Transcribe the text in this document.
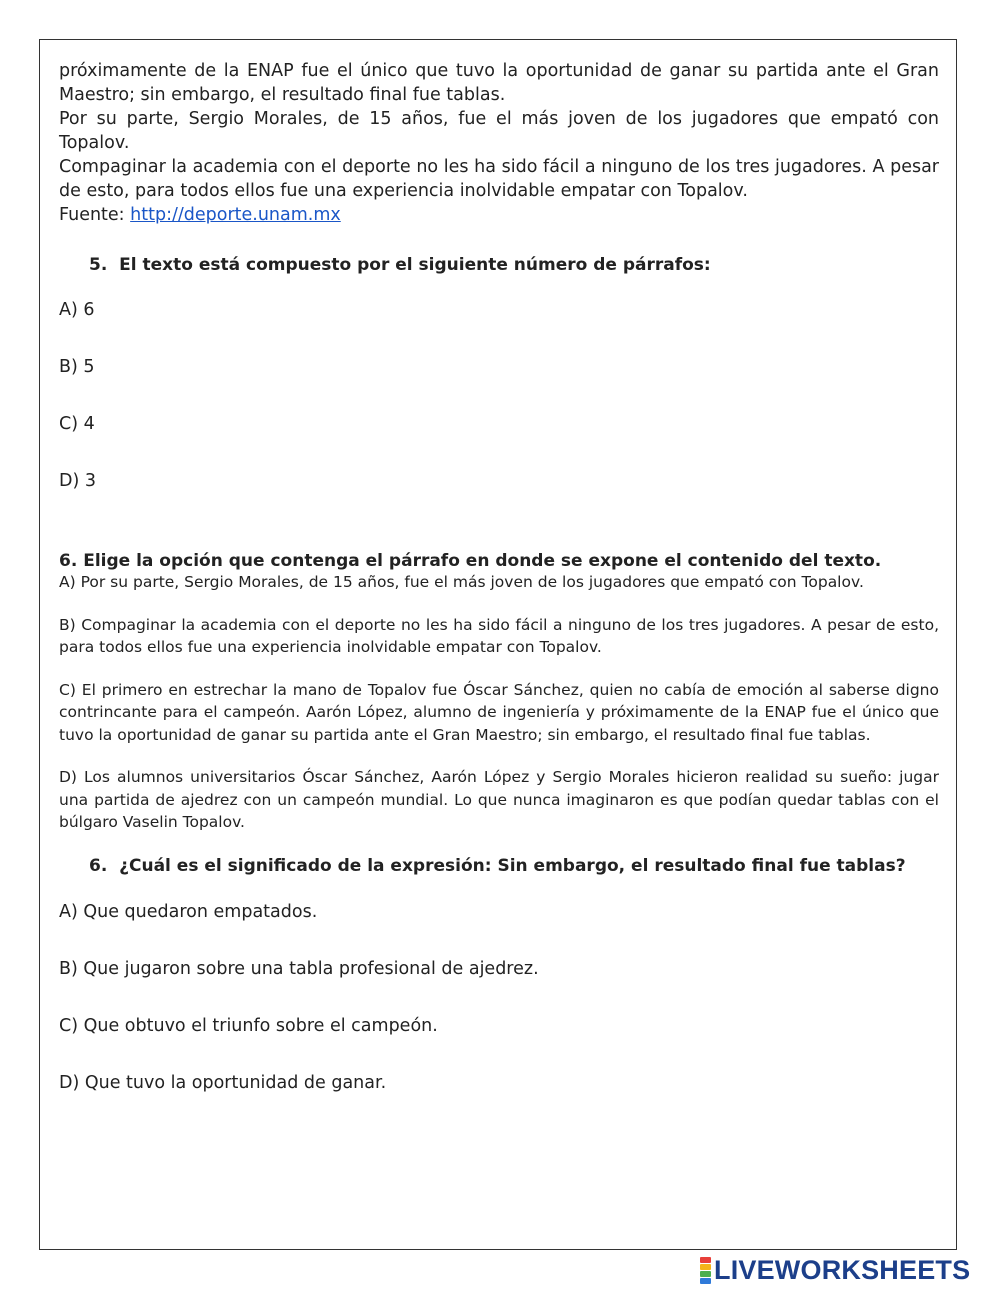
próximamente de la ENAP fue el único que tuvo la oportunidad de ganar su partida ante el Gran Maestro; sin embargo, el resultado final fue tablas.

Por su parte, Sergio Morales, de 15 años, fue el más joven de los jugadores que empató con Topalov.

Compaginar la academia con el deporte no les ha sido fácil a ninguno de los tres jugadores. A pesar de esto, para todos ellos fue una experiencia inolvidable empatar con Topalov.

Fuente: http://deporte.unam.mx

5. El texto está compuesto por el siguiente número de párrafos:

A) 6

B) 5

C) 4

D) 3

6. Elige la opción que contenga el párrafo en donde se expone el contenido del texto.

A) Por su parte, Sergio Morales, de 15 años, fue el más joven de los jugadores que empató con Topalov.

B) Compaginar la academia con el deporte no les ha sido fácil a ninguno de los tres jugadores. A pesar de esto, para todos ellos fue una experiencia inolvidable empatar con Topalov.

C) El primero en estrechar la mano de Topalov fue Óscar Sánchez, quien no cabía de emoción al saberse digno contrincante para el campeón. Aarón López, alumno de ingeniería y próximamente de la ENAP fue el único que tuvo la oportunidad de ganar su partida ante el Gran Maestro; sin embargo, el resultado final fue tablas.

D) Los alumnos universitarios Óscar Sánchez, Aarón López y Sergio Morales hicieron realidad su sueño: jugar una partida de ajedrez con un campeón mundial. Lo que nunca imaginaron es que podían quedar tablas con el búlgaro Vaselin Topalov.

6. ¿Cuál es el significado de la expresión: Sin embargo, el resultado final fue tablas?

A) Que quedaron empatados.

B) Que jugaron sobre una tabla profesional de ajedrez.

C) Que obtuvo el triunfo sobre el campeón.

D) Que tuvo la oportunidad de ganar.

LIVEWORKSHEETS
